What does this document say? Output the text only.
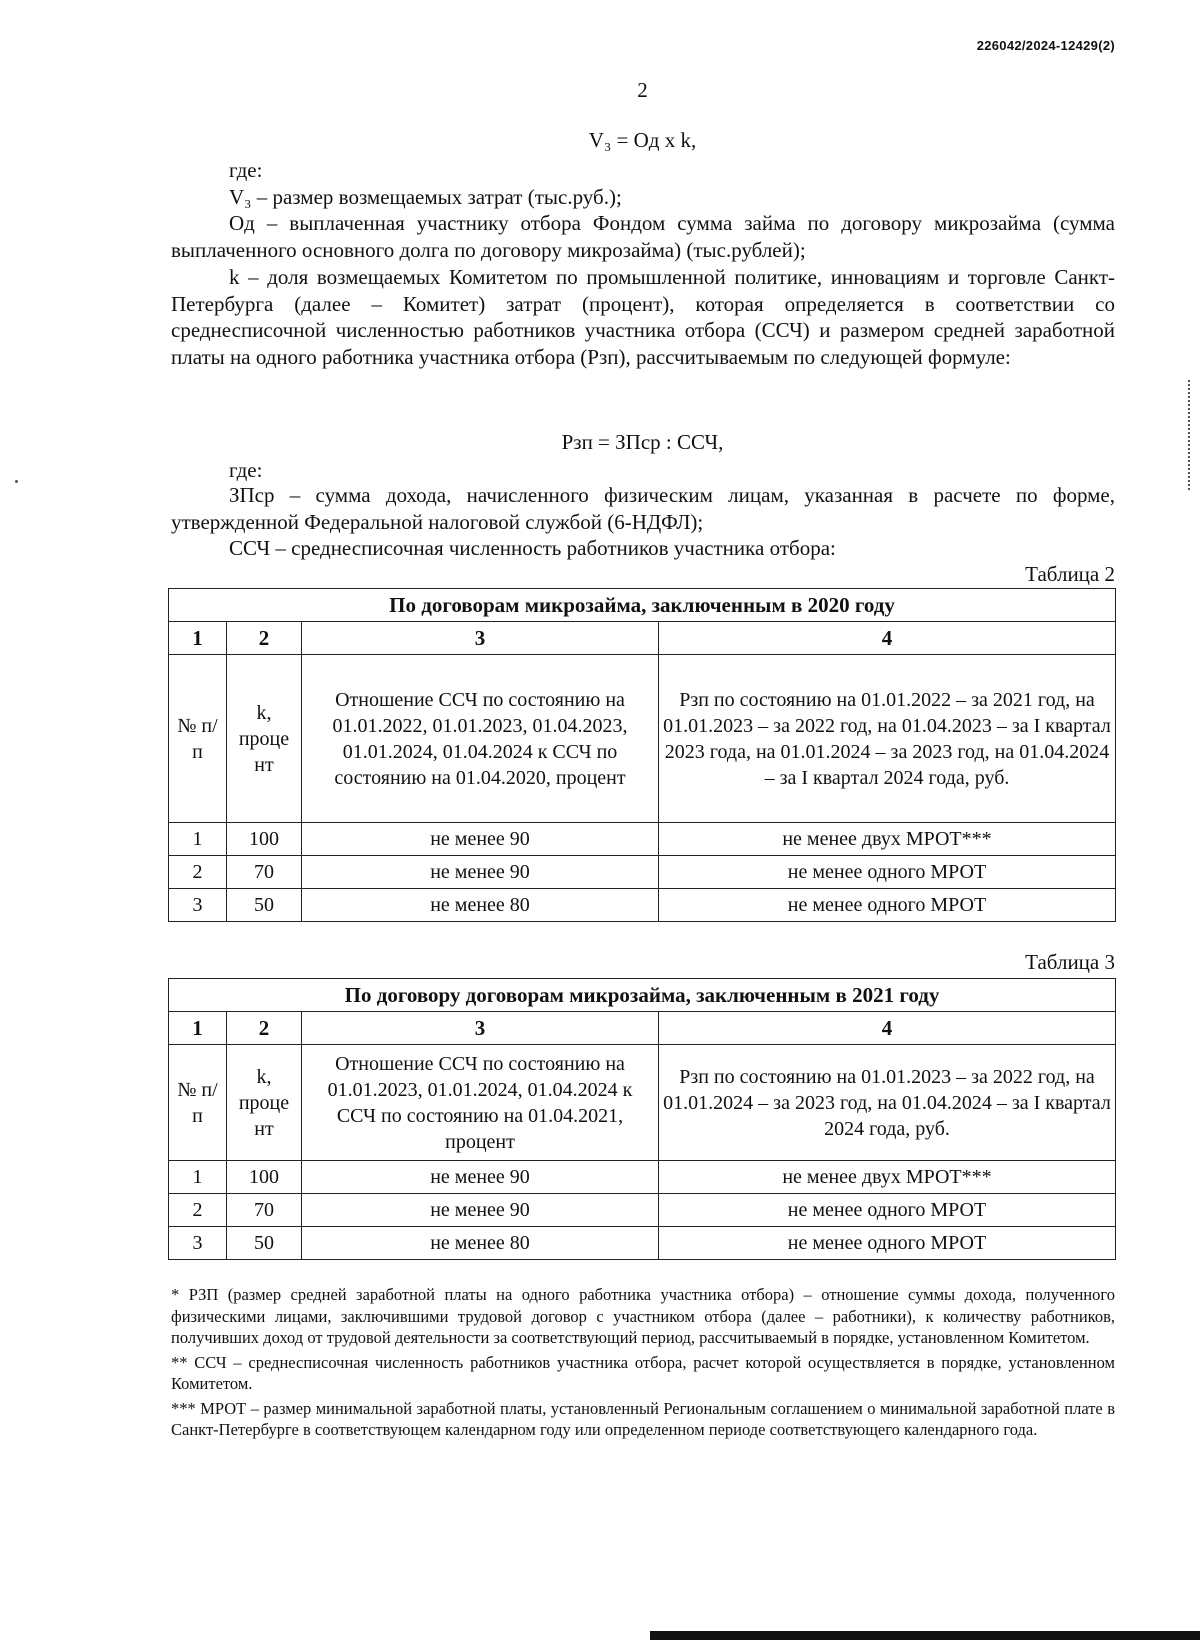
226042/2024-12429(2)
2
V₃ = Oд x k,
где:
V₃ – размер возмещаемых затрат (тыс.руб.);
Oд – выплаченная участнику отбора Фондом сумма займа по договору микрозайма (сумма выплаченного основного долга по договору микрозайма) (тыс.рублей);
k – доля возмещаемых Комитетом по промышленной политике, инновациям и торговле Санкт-Петербурга (далее – Комитет) затрат (процент), которая определяется в соответствии со среднесписочной численностью работников участника отбора (ССЧ) и размером средней заработной платы на одного работника участника отбора (Рзп), рассчитываемым по следующей формуле:
Рзп = ЗПср : ССЧ,
где:
ЗПср – сумма дохода, начисленного физическим лицам, указанная в расчете по форме, утвержденной Федеральной налоговой службой (6-НДФЛ);
ССЧ – среднесписочная численность работников участника отбора:
Таблица 2
По договорам микрозайма, заключенным в 2020 году			
1	2	3	4
№ п/п	k, проце нт	Отношение ССЧ по состоянию на 01.01.2022, 01.01.2023, 01.04.2023, 01.01.2024, 01.04.2024 к ССЧ по состоянию на 01.04.2020, процент	Рзп по состоянию на 01.01.2022 – за 2021 год, на 01.01.2023 – за 2022 год, на 01.04.2023 – за I квартал 2023 года, на 01.01.2024 – за 2023 год, на 01.04.2024 – за I квартал 2024 года, руб.
1	100	не менее 90	не менее двух МРОТ***
2	70	не менее 90	не менее одного МРОТ
3	50	не менее 80	не менее одного МРОТ
Таблица 3
По договору договорам микрозайма, заключенным в 2021 году			
1	2	3	4
№ п/п	k, проце нт	Отношение ССЧ по состоянию на 01.01.2023, 01.01.2024, 01.04.2024 к ССЧ по состоянию на 01.04.2021, процент	Рзп по состоянию на 01.01.2023 – за 2022 год, на 01.01.2024 – за 2023 год, на 01.04.2024 – за I квартал 2024 года, руб.
1	100	не менее 90	не менее двух МРОТ***
2	70	не менее 90	не менее одного МРОТ
3	50	не менее 80	не менее одного МРОТ

* РЗП (размер средней заработной платы на одного работника участника отбора) – отношение суммы дохода, полученного физическими лицами, заключившими трудовой договор с участником отбора (далее – работники), к количеству работников, получивших доход от трудовой деятельности за соответствующий период, рассчитываемый в порядке, установленном Комитетом.

** ССЧ – среднесписочная численность работников участника отбора, расчет которой осуществляется в порядке, установленном Комитетом.

*** МРОТ – размер минимальной заработной платы, установленный Региональным соглашением о минимальной заработной плате в Санкт-Петербурге в соответствующем календарном году или определенном периоде соответствующего календарного года.
